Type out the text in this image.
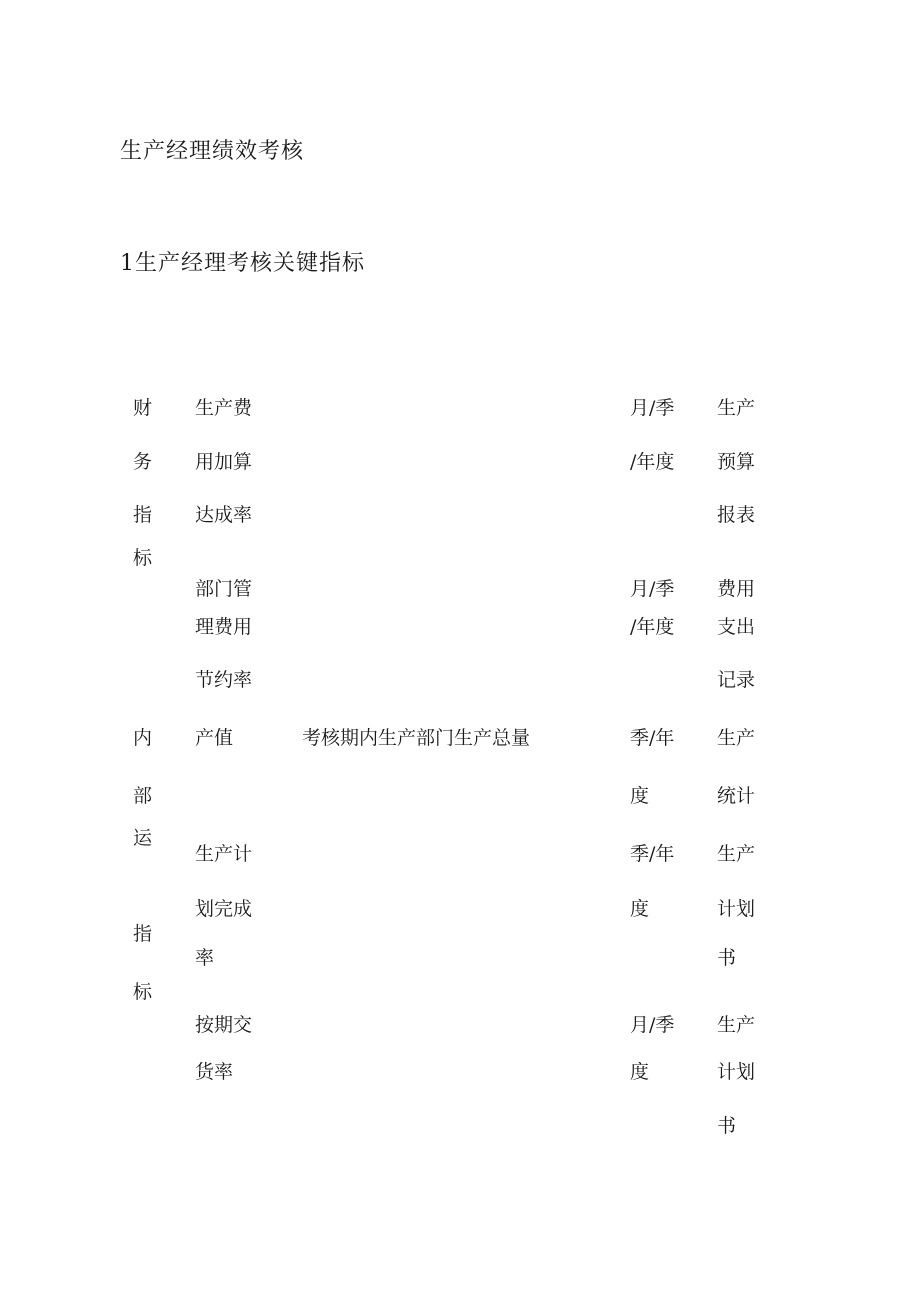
生产经理绩效考核
1生产经理考核关键指标
财
务
指
标
内
部
运
指
标
生产费
用加算
达成率
月/季
/年度
生产
预算
报表
部门管
理费用
节约率
月/季
/年度
费用
支出
记录
产值	考核期内生产部门生产总量	季/年
度
生产
统计
生产计
划完成
率
季/年
度
生产
计划
书
按期交
货率
月/季
度
生产
计划
书
